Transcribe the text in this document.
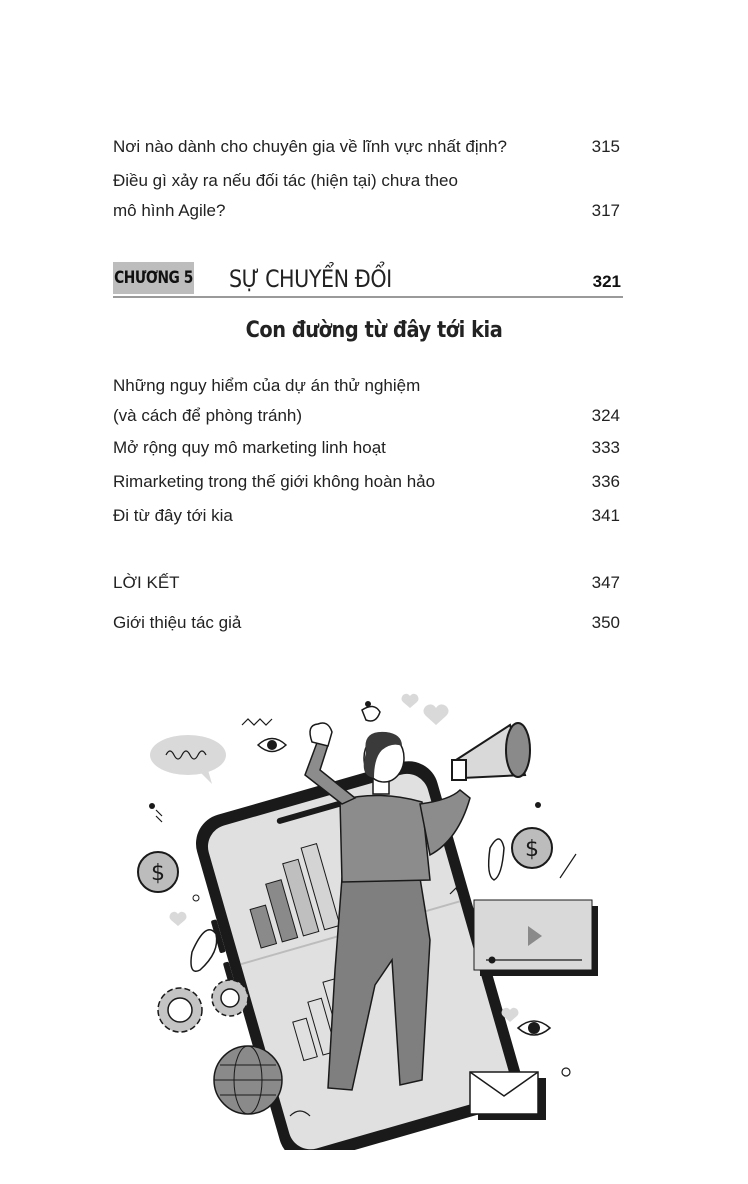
Nơi nào dành cho chuyên gia về lĩnh vực nhất định?	315
Điều gì xảy ra nếu đối tác (hiện tại) chưa theo
mô hình Agile?	317
CHƯƠNG 5 SỰ CHUYỂN ĐỔI	321
Con đường từ đây tới kia
Những nguy hiểm của dự án thử nghiệm
(và cách để phòng tránh)	324
Mở rộng quy mô marketing linh hoạt	333
Rimarketing trong thế giới không hoàn hảo	336
Đi từ đây tới kia	341
LỜI KẾT	347
Giới thiệu tác giả	350
$
$
